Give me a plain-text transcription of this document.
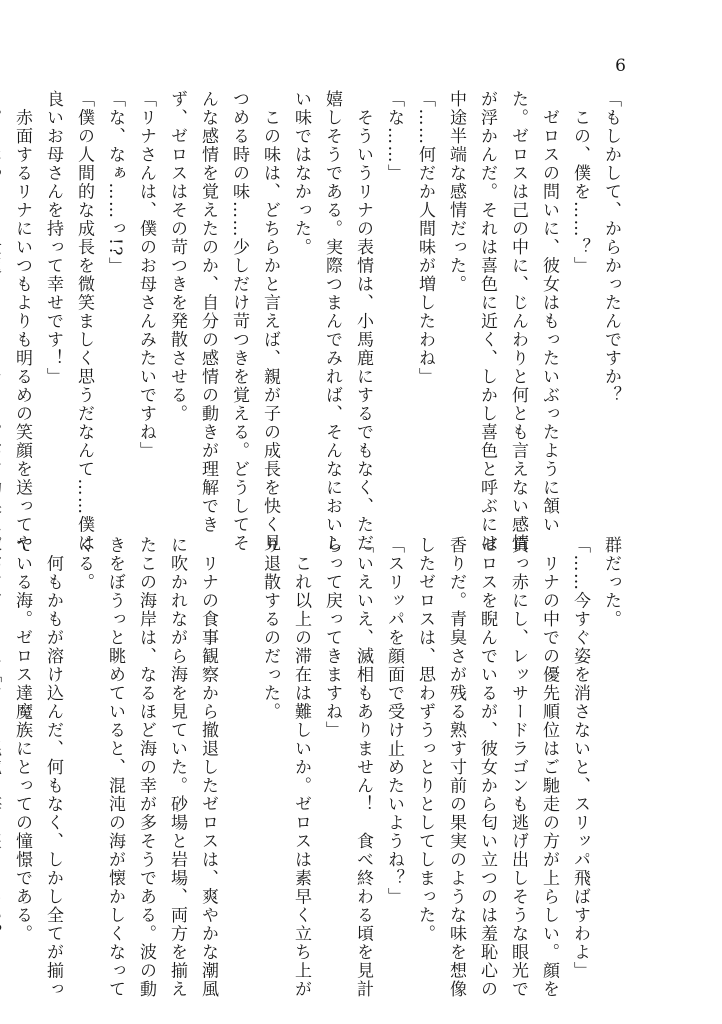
6

「もしかして、からかったんですか？

　この、僕を……？」

　ゼロスの問いに、彼女はもったいぶったように頷い

た。ゼロスは己の中に、じんわりと何とも言えない感情

が浮かんだ。それは喜色に近く、しかし喜色と呼ぶには

中途半端な感情だった。

「……何だか人間味が増したわね」

「な……」

　そういうリナの表情は、小馬鹿にするでもなく、ただ

嬉しそうである。実際つまんでみれば、そんなにおいし

い味ではなかった。

　この味は、どちらかと言えば、親が子の成長を快く見

つめる時の味……少しだけ苛つきを覚える。どうしてそ

んな感情を覚えたのか、自分の感情の動きが理解でき

ず、ゼロスはその苛つきを発散させる。

「リナさんは、僕のお母さんみたいですね」

「な、なぁ……っ!?」

「僕の人間的な成長を微笑ましく思うだなんて……僕は

良いお母さんを持って幸せです！」

　赤面するリナにいつもよりも明るめの笑顔を送ってや

群だった。

「……今すぐ姿を消さないと、スリッパ飛ばすわよ」

　リナの中での優先順位はご馳走の方が上らしい。顔を

真っ赤にし、レッサードラゴンも逃げ出しそうな眼光で

ゼロスを睨んでいるが、彼女から匂い立つのは羞恥心の

香りだ。青臭さが残る熟す寸前の果実のような味を想像

したゼロスは、思わずうっとりとしてしまった。

「スリッパを顔面で受け止めたいようね？」

「いえいえ、滅相もありません！　食べ終わる頃を見計

らって戻ってきますね」

　これ以上の滞在は難しいか。ゼロスは素早く立ち上が

り退散するのだった。

　リナの食事観察から撤退したゼロスは、爽やかな潮風

に吹かれながら海を見ていた。砂場と岩場、両方を揃え

たこの海岸は、なるほど海の幸が多そうである。波の動

きをぼうっと眺めていると、混沌の海が懐かしくなって

くる。

　何もかもが溶け込んだ、何もなく、しかし全てが揃っ

ている海。ゼロス達魔族にとっての憧憬である。
